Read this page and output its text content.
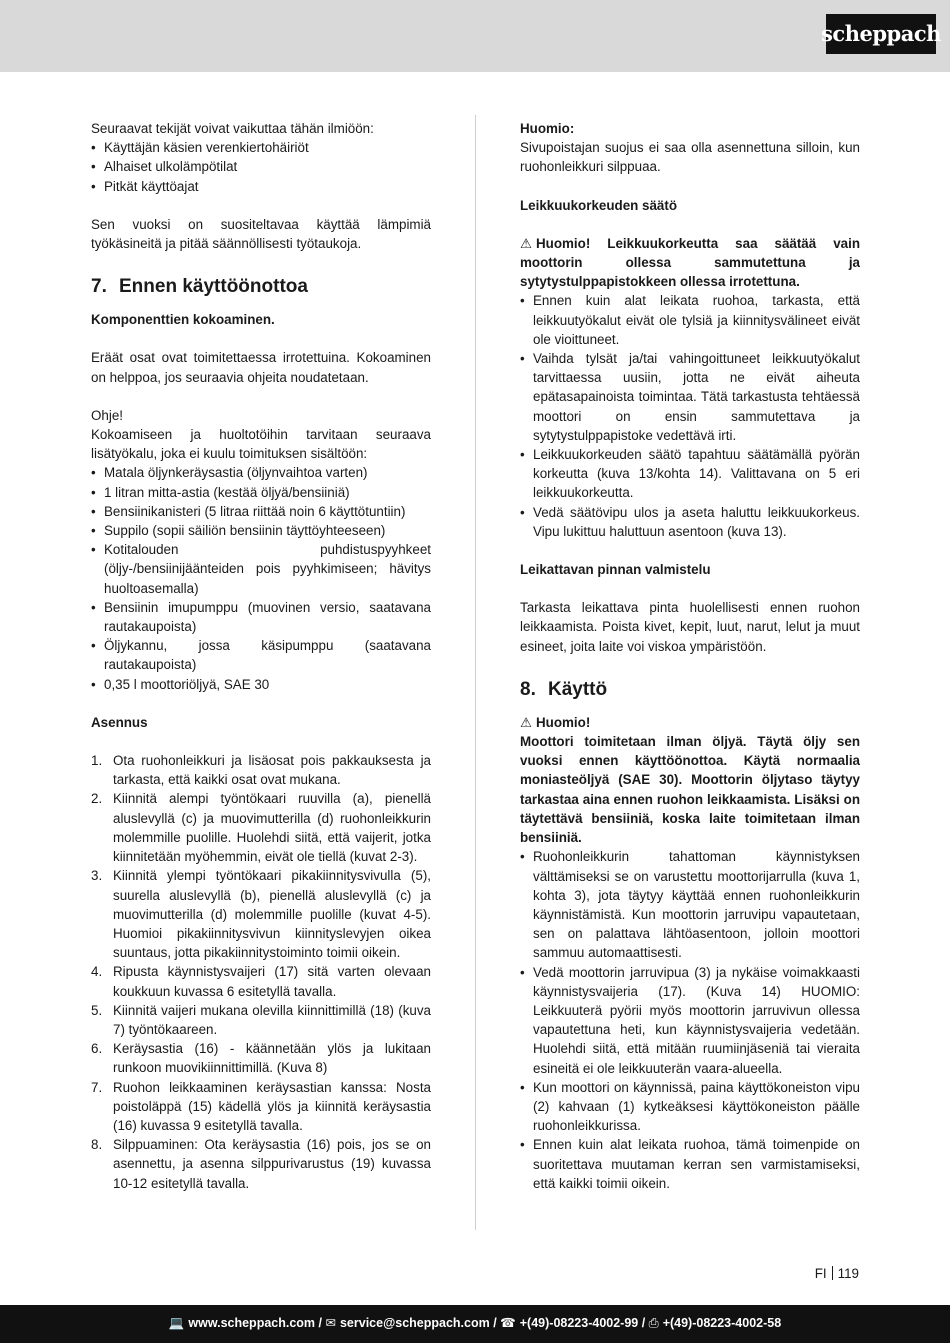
scheppach

Seuraavat tekijät voivat vaikuttaa tähän ilmiöön:

• Käyttäjän käsien verenkiertohäiriöt
• Alhaiset ulkolämpötilat
• Pitkät käyttöajat

Sen vuoksi on suositeltavaa käyttää lämpimiä työkäsineitä ja pitää säännöllisesti työtaukoja.

7. Ennen käyttöönottoa

Komponenttien kokoaminen.

Eräät osat ovat toimitettaessa irrotettuina. Kokoaminen on helppoa, jos seuraavia ohjeita noudatetaan.

Ohje!

Kokoamiseen ja huoltotöihin tarvitaan seuraava lisätyökalu, joka ei kuulu toimituksen sisältöön:

• Matala öljynkeräysastia (öljynvaihtoa varten)
• 1 litran mitta-astia (kestää öljyä/bensiiniä)
• Bensiinikanisteri (5 litraa riittää noin 6 käyttötuntiin)
• Suppilo (sopii säiliön bensiinin täyttöyhteeseen)
• Kotitalouden puhdistuspyyhkeet (öljy-/bensiinijäänteiden pois pyyhkimiseen; hävitys huoltoasemalla)
• Bensiinin imupumppu (muovinen versio, saatavana rautakaupoista)
• Öljykannu, jossa käsipumppu (saatavana rautakaupoista)
• 0,35 l moottoriöljyä, SAE 30

Asennus

1. Ota ruohonleikkuri ja lisäosat pois pakkauksesta ja tarkasta, että kaikki osat ovat mukana.
2. Kiinnitä alempi työntökaari ruuvilla (a), pienellä aluslevyllä (c) ja muovimutterilla (d) ruohonleikkurin molemmille puolille. Huolehdi siitä, että vaijerit, jotka kiinnitetään myöhemmin, eivät ole tiellä (kuvat 2-3).
3. Kiinnitä ylempi työntökaari pikakiinnitysvivulla (5), suurella aluslevyllä (b), pienellä aluslevyllä (c) ja muovimutterilla (d) molemmille puolille (kuvat 4-5). Huomioi pikakiinnitysvivun kiinnityslevyjen oikea suuntaus, jotta pikakiinnitystoiminto toimii oikein.
4. Ripusta käynnistysvaijeri (17) sitä varten olevaan koukkuun kuvassa 6 esitetyllä tavalla.
5. Kiinnitä vaijeri mukana olevilla kiinnittimillä (18) (kuva 7) työntökaareen.
6. Keräysastia (16) - käännetään ylös ja lukitaan runkoon muovikiinnittimillä. (Kuva 8)
7. Ruohon leikkaaminen keräysastian kanssa: Nosta poistoläppä (15) kädellä ylös ja kiinnitä keräysastia (16) kuvassa 9 esitetyllä tavalla.
8. Silppuaminen: Ota keräysastia (16) pois, jos se on asennettu, ja asenna silppurivarustus (19) kuvassa 10-12 esitetyllä tavalla.

Huomio:

Sivupoistajan suojus ei saa olla asennettuna silloin, kun ruohonleikkuri silppuaa.

Leikkuukorkeuden säätö

⚠ Huomio! Leikkuukorkeutta saa säätää vain moottorin ollessa sammutettuna ja sytytystulppapistokkeen ollessa irrotettuna.

• Ennen kuin alat leikata ruohoa, tarkasta, että leikkuutyökalut eivät ole tylsiä ja kiinnitysvälineet eivät ole vioittuneet.
• Vaihda tylsät ja/tai vahingoittuneet leikkuutyökalut tarvittaessa uusiin, jotta ne eivät aiheuta epätasapainoista toimintaa. Tätä tarkastusta tehtäessä moottori on ensin sammutettava ja sytytystulppapistoke vedettävä irti.
• Leikkuukorkeuden säätö tapahtuu säätämällä pyörän korkeutta (kuva 13/kohta 14). Valittavana on 5 eri leikkuukorkeutta.
• Vedä säätövipu ulos ja aseta haluttu leikkuukorkeus. Vipu lukittuu haluttuun asentoon (kuva 13).

Leikattavan pinnan valmistelu

Tarkasta leikattava pinta huolellisesti ennen ruohon leikkaamista. Poista kivet, kepit, luut, narut, lelut ja muut esineet, joita laite voi viskoa ympäristöön.

8. Käyttö

⚠ Huomio!

Moottori toimitetaan ilman öljyä. Täytä öljy sen vuoksi ennen käyttöönottoa. Käytä normaalia moniasteöljyä (SAE 30). Moottorin öljytaso täytyy tarkastaa aina ennen ruohon leikkaamista. Lisäksi on täytettävä bensiiniä, koska laite toimitetaan ilman bensiiniä.

• Ruohonleikkurin tahattoman käynnistyksen välttämiseksi se on varustettu moottorijarrulla (kuva 1, kohta 3), jota täytyy käyttää ennen ruohonleikkurin käynnistämistä. Kun moottorin jarruvipu vapautetaan, sen on palattava lähtöasentoon, jolloin moottori sammuu automaattisesti.
• Vedä moottorin jarruvipua (3) ja nykäise voimakkaasti käynnistysvaijeria (17). (Kuva 14) HUOMIO: Leikkuuterä pyörii myös moottorin jarruvivun ollessa vapautettuna heti, kun käynnistysvaijeria vedetään. Huolehdi siitä, että mitään ruumiinjäseniä tai vieraita esineitä ei ole leikkuuterän vaara-alueella.
• Kun moottori on käynnissä, paina käyttökoneiston vipu (2) kahvaan (1) kytkeäksesi käyttökoneiston päälle ruohonleikkurissa.
• Ennen kuin alat leikata ruohoa, tämä toimenpide on suoritettava muutaman kerran sen varmistamiseksi, että kaikki toimii oikein.
FI 119
💻 www.scheppach.com /
✉ service@scheppach.com /
☎ +(49)-08223-4002-99 /
⎙ +(49)-08223-4002-58
